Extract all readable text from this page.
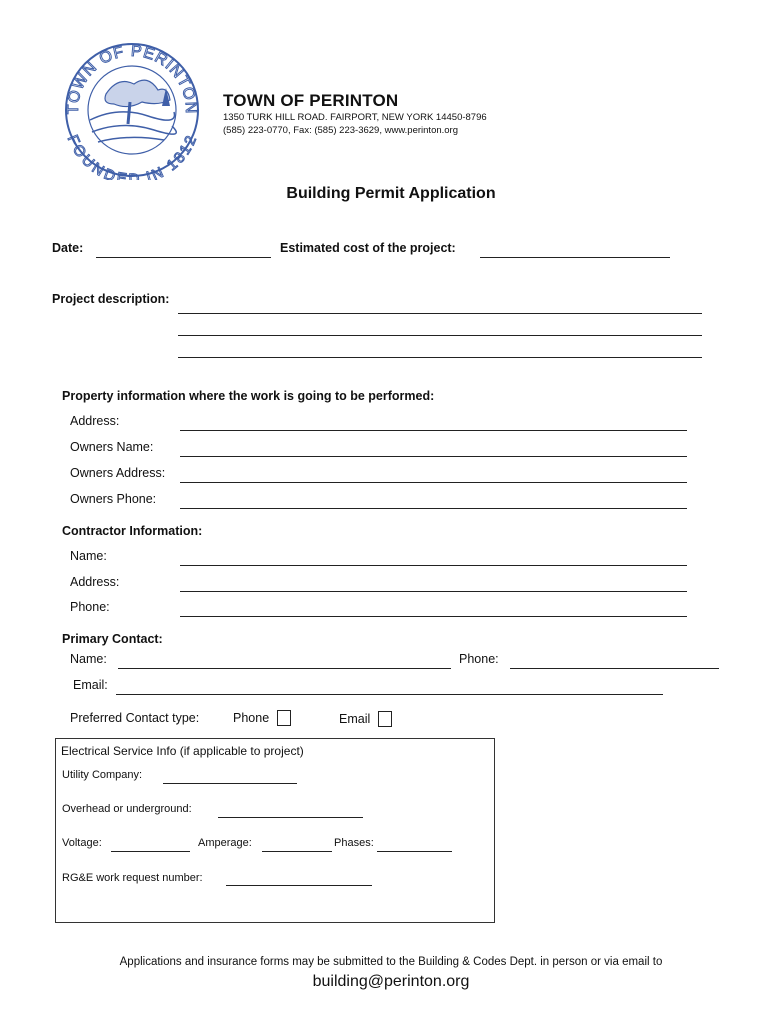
TOWN OF PERINTON
FOUNDED IN 1812
TOWN OF PERINTON
1350 TURK HILL ROAD. FAIRPORT, NEW YORK 14450-8796
(585) 223-0770, Fax: (585) 223-3629, www.perinton.org
Building Permit Application
Date:	Estimated cost of the project:
Project description:
Property information where the work is going to be performed:
Address:
Owners Name:
Owners Address:
Owners Phone:
Contractor Information:
Name:
Address:
Phone:
Primary Contact:
Name:	Phone:
Email:
Preferred Contact type:	Phone	Email
Electrical Service Info (if applicable to project)
Utility Company:
Overhead or underground:
Voltage:	Amperage:	Phases:
RG&E work request number:
Applications and insurance forms may be submitted to the Building & Codes Dept. in person or via email to
building@perinton.org
